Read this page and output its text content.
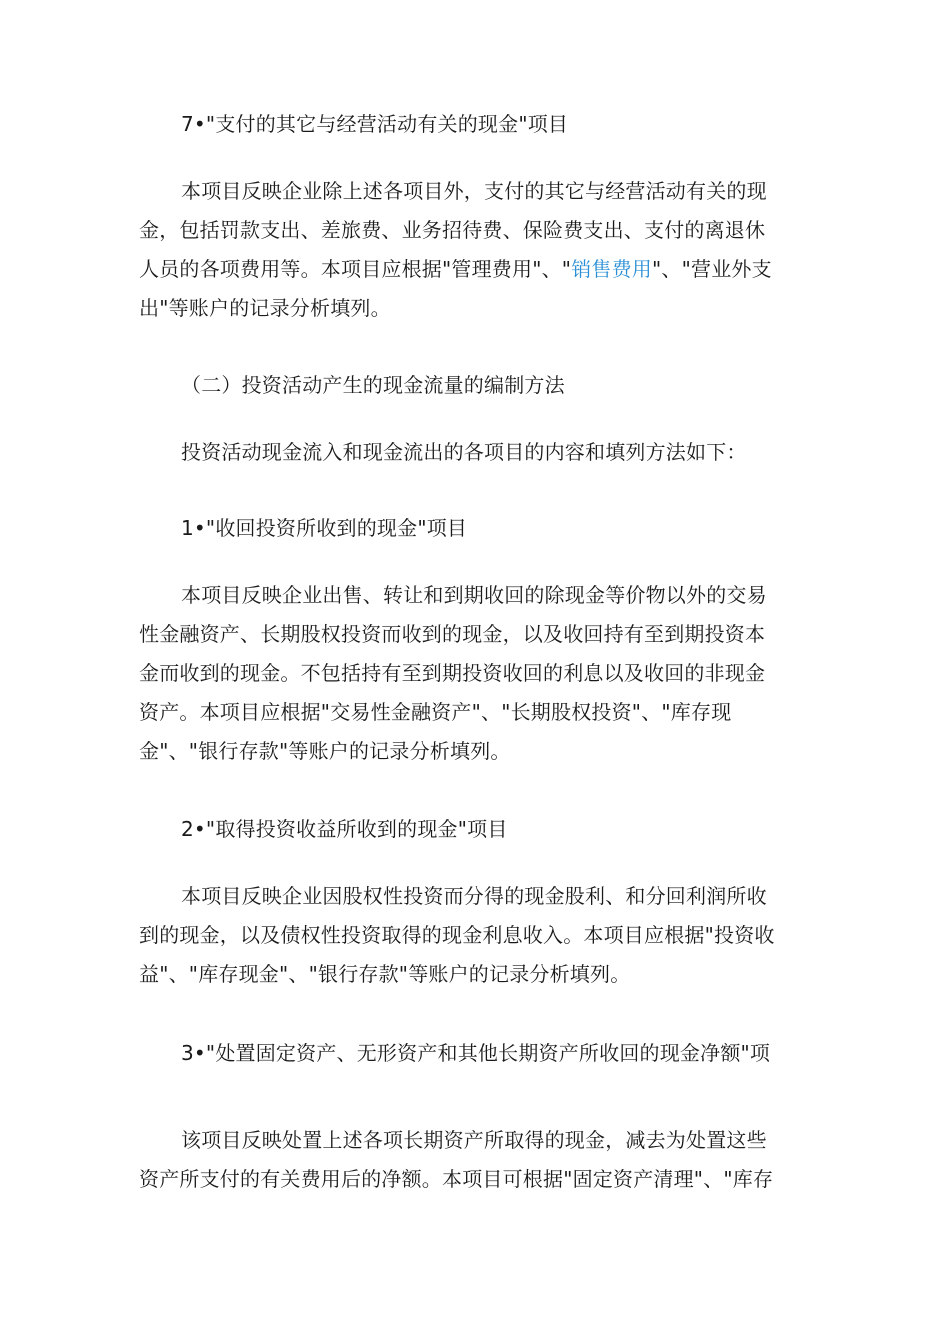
7•"支付的其它与经营活动有关的现金"项目
本项目反映企业除上述各项目外，支付的其它与经营活动有关的现
金，包括罚款支出、差旅费、业务招待费、保险费支出、支付的离退休
人员的各项费用等。本项目应根据"管理费用"、"销售费用"、"营业外支
出"等账户的记录分析填列。
（二）投资活动产生的现金流量的编制方法
投资活动现金流入和现金流出的各项目的内容和填列方法如下：
1•"收回投资所收到的现金"项目
本项目反映企业出售、转让和到期收回的除现金等价物以外的交易
性金融资产、长期股权投资而收到的现金，以及收回持有至到期投资本
金而收到的现金。不包括持有至到期投资收回的利息以及收回的非现金
资产。本项目应根据"交易性金融资产"、"长期股权投资"、"库存现
金"、"银行存款"等账户的记录分析填列。
2•"取得投资收益所收到的现金"项目
本项目反映企业因股权性投资而分得的现金股利、和分回利润所收
到的现金，以及债权性投资取得的现金利息收入。本项目应根据"投资收
益"、"库存现金"、"银行存款"等账户的记录分析填列。
3•"处置固定资产、无形资产和其他长期资产所收回的现金净额"项
该项目反映处置上述各项长期资产所取得的现金，减去为处置这些
资产所支付的有关费用后的净额。本项目可根据"固定资产清理"、"库存
